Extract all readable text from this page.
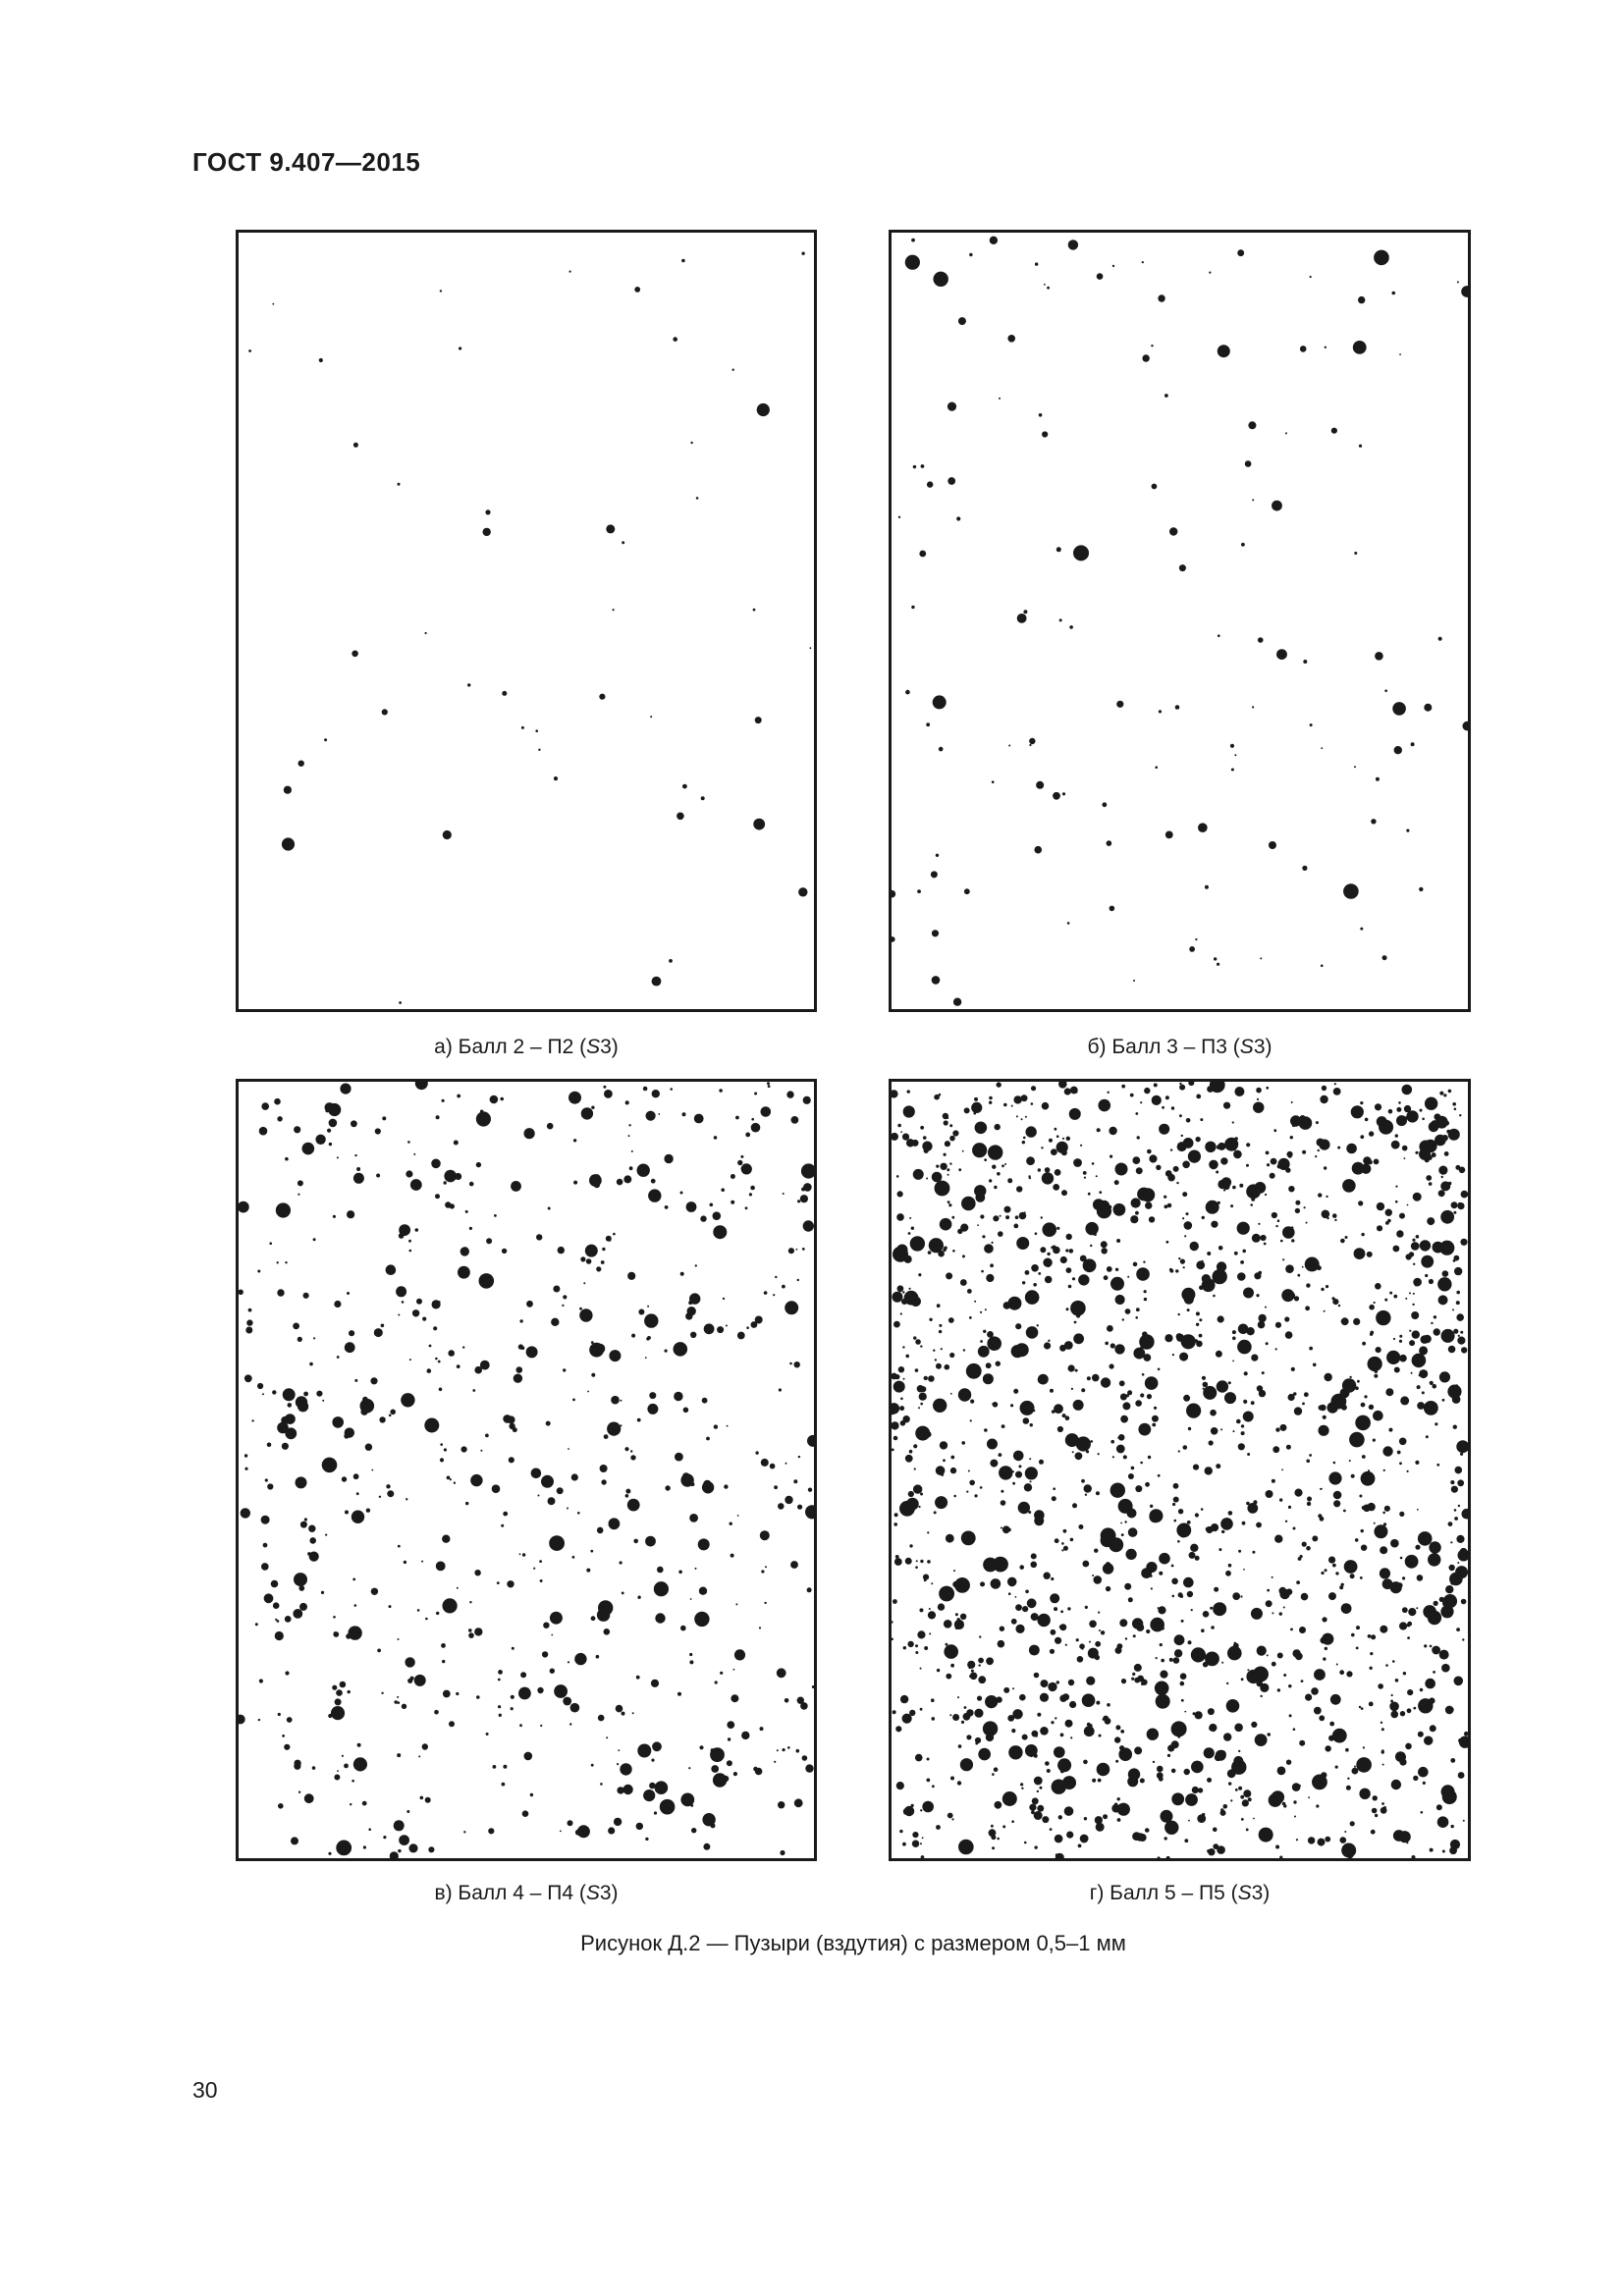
ГОСТ 9.407—2015
а) Балл 2 – П2 (S3)	б) Балл 3 – П3 (S3)
в) Балл 4 – П4 (S3)	г) Балл 5 – П5 (S3)
Рисунок Д.2 — Пузыри (вздутия) с размером 0,5–1 мм
30
